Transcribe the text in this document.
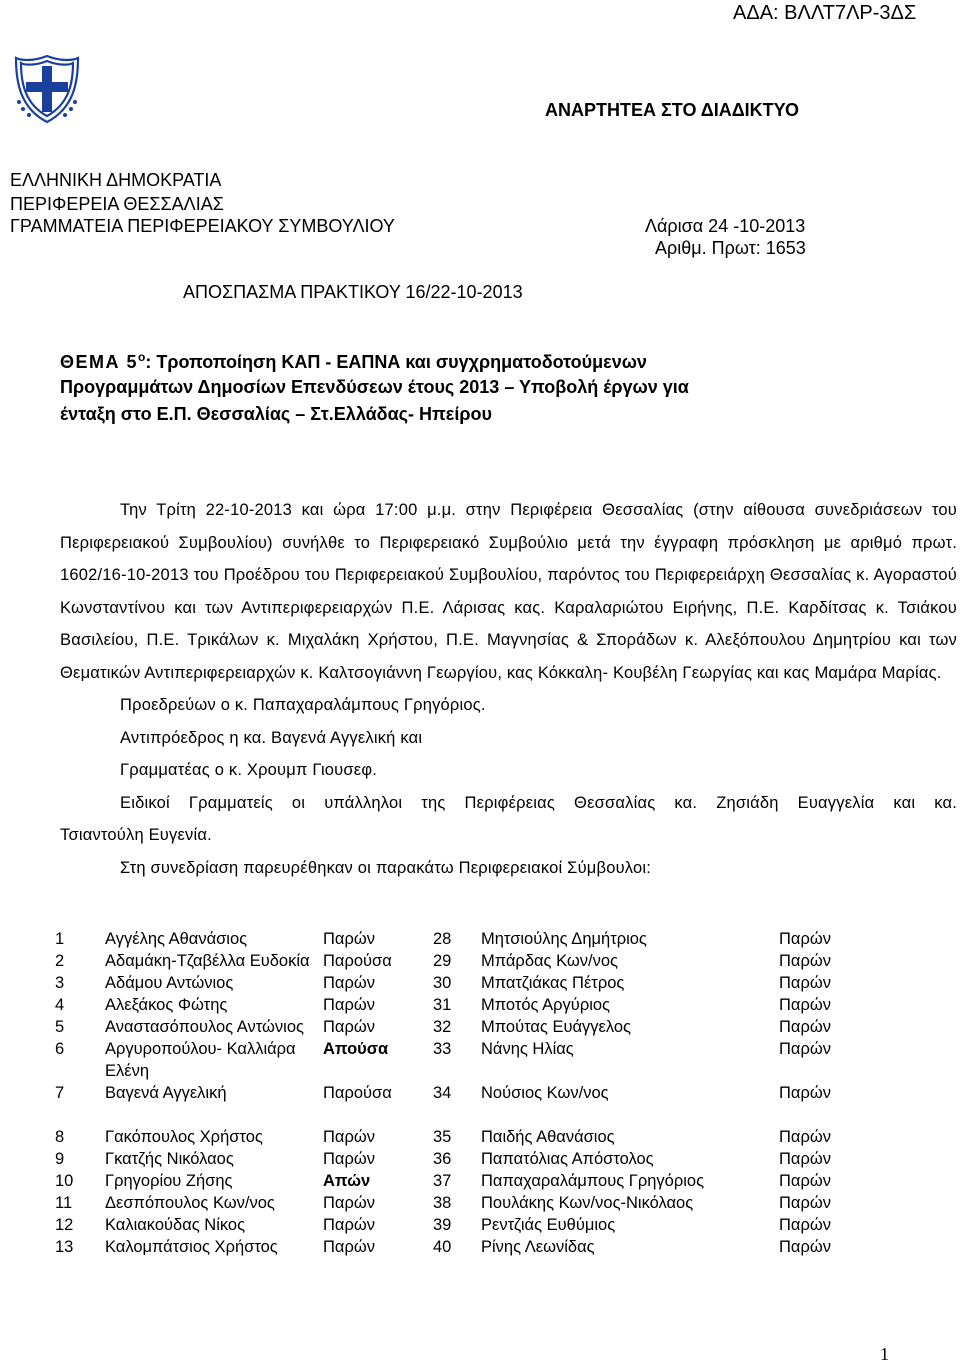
ΑΔΑ: ΒΛΛΤ7ΛΡ-3ΔΣ
ΑΝΑΡΤΗΤΕΑ ΣΤΟ ΔΙΑΔΙΚΤΥΟ
ΕΛΛΗΝΙΚΗ ΔΗΜΟΚΡΑΤΙΑ
ΠΕΡΙΦΕΡΕΙΑ ΘΕΣΣΑΛΙΑΣ
ΓΡΑΜΜΑΤΕΙΑ ΠΕΡΙΦΕΡΕΙΑΚΟΥ ΣΥΜΒΟΥΛΙΟΥ	Λάρισα 24 -10-2013
Αριθμ. Πρωτ: 1653
ΑΠΟΣΠΑΣΜΑ ΠΡΑΚΤΙΚΟΥ 16/22-10-2013
ΘΕΜΑ $5^o$: Τροποποίηση ΚΑΠ - ΕΑΠΝΑ και συγχρηματοδοτούμενων
Προγραμμάτων Δημοσίων Επενδύσεων έτους 2013 – Υποβολή έργων για
ένταξη στο Ε.Π. Θεσσαλίας – Στ.Ελλάδας- Ηπείρου

Την Τρίτη 22-10-2013 και ώρα 17:00 μ.μ. στην Περιφέρεια Θεσσαλίας (στην αίθουσα συνεδριάσεων του Περιφερειακού Συμβουλίου) συνήλθε το Περιφερειακό Συμβούλιο μετά την έγγραφη πρόσκληση με αριθμό πρωτ. 1602/16-10-2013 του Προέδρου του Περιφερειακού Συμβουλίου, παρόντος του Περιφερειάρχη Θεσσαλίας κ. Αγοραστού Κωνσταντίνου και των Αντιπεριφερειαρχών Π.Ε. Λάρισας κας. Καραλαριώτου Ειρήνης, Π.Ε. Καρδίτσας κ. Τσιάκου Βασιλείου, Π.Ε. Τρικάλων κ. Μιχαλάκη Χρήστου, Π.Ε. Μαγνησίας & Σποράδων κ. Αλεξόπουλου Δημητρίου και των Θεματικών Αντιπεριφερειαρχών κ. Καλτσογιάννη Γεωργίου, κας Κόκκαλη- Κουβέλη Γεωργίας και κας Μαμάρα Μαρίας.

Προεδρεύων ο κ. Παπαχαραλάμπους Γρηγόριος.

Αντιπρόεδρος η κα. Βαγενά Αγγελική και

Γραμματέας ο κ. Χρουμπ Γιουσεφ.

Ειδικοί Γραμματείς οι υπάλληλοι της Περιφέρειας Θεσσαλίας κα. Ζησιάδη Ευαγγελία και κα.

Τσιαντούλη Ευγενία.

Στη συνεδρίαση παρευρέθηκαν οι παρακάτω Περιφερειακοί Σύμβουλοι:

1	Αγγέλης Αθανάσιος	Παρών	28	Μητσιούλης Δημήτριος	Παρών
2	Αδαμάκη-Τζαβέλλα Ευδοκία	Παρούσα	29	Μπάρδας Κων/νος	Παρών
3	Αδάμου Αντώνιος	Παρών	30	Μπατζιάκας Πέτρος	Παρών
4	Αλεξάκος Φώτης	Παρών	31	Μποτός Αργύριος	Παρών
5	Αναστασόπουλος Αντώνιος	Παρών	32	Μπούτας Ευάγγελος	Παρών
6	Αργυροπούλου- Καλλιάρα Ελένη	Απούσα	33	Νάνης Ηλίας	Παρών
7	Βαγενά Αγγελική	Παρούσα	34	Νούσιος Κων/νος	Παρών

8	Γακόπουλος Χρήστος	Παρών	35	Παιδής Αθανάσιος	Παρών
9	Γκατζής Νικόλαος	Παρών	36	Παπατόλιας Απόστολος	Παρών
10	Γρηγορίου Ζήσης	Απών	37	Παπαχαραλάμπους Γρηγόριος	Παρών
11	Δεσπόπουλος Κων/νος	Παρών	38	Πουλάκης Κων/νος-Νικόλαος	Παρών
12	Καλιακούδας Νίκος	Παρών	39	Ρεντζιάς Ευθύμιος	Παρών
13	Καλομπάτσιος Χρήστος	Παρών	40	Ρίνης Λεωνίδας	Παρών
1
